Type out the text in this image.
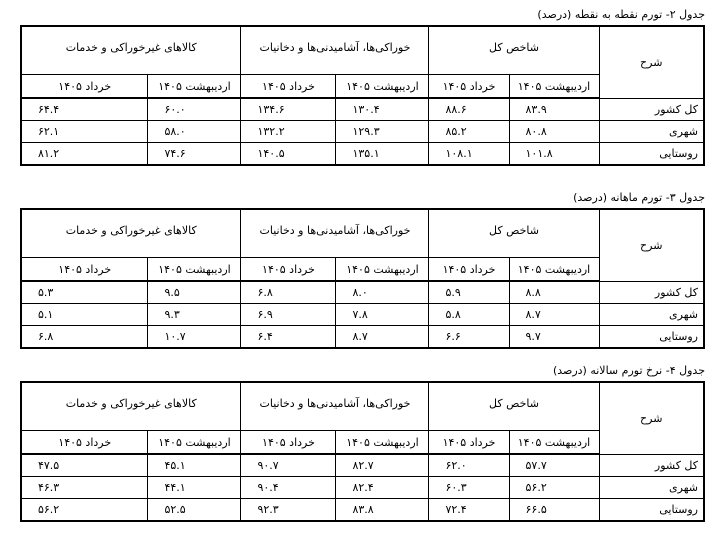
جدول ۲- تورم نقطه به نقطه (درصد)
شرح	شاخص کل		خوراکی‌ها، آشامیدنی‌ها و دخانیات		کالاهای غیرخوراکی و خدمات	
	اردیبهشت ۱۴۰۵	خرداد ۱۴۰۵	اردیبهشت ۱۴۰۵	خرداد ۱۴۰۵	اردیبهشت ۱۴۰۵	خرداد ۱۴۰۵
کل کشور	۸۳.۹	۸۸.۶	۱۳۰.۴	۱۳۴.۶	۶۰.۰	۶۴.۴
شهری	۸۰.۸	۸۵.۲	۱۲۹.۳	۱۳۲.۲	۵۸.۰	۶۲.۱
روستایی	۱۰۱.۸	۱۰۸.۱	۱۳۵.۱	۱۴۰.۵	۷۴.۶	۸۱.۲
جدول ۳- تورم ماهانه (درصد)
شرح	شاخص کل		خوراکی‌ها، آشامیدنی‌ها و دخانیات		کالاهای غیرخوراکی و خدمات	
	اردیبهشت ۱۴۰۵	خرداد ۱۴۰۵	اردیبهشت ۱۴۰۵	خرداد ۱۴۰۵	اردیبهشت ۱۴۰۵	خرداد ۱۴۰۵
کل کشور	۸.۸	۵.۹	۸.۰	۶.۸	۹.۵	۵.۳
شهری	۸.۷	۵.۸	۷.۸	۶.۹	۹.۳	۵.۱
روستایی	۹.۷	۶.۶	۸.۷	۶.۴	۱۰.۷	۶.۸
جدول ۴- نرخ تورم سالانه (درصد)
شرح	شاخص کل		خوراکی‌ها، آشامیدنی‌ها و دخانیات		کالاهای غیرخوراکی و خدمات	
	اردیبهشت ۱۴۰۵	خرداد ۱۴۰۵	اردیبهشت ۱۴۰۵	خرداد ۱۴۰۵	اردیبهشت ۱۴۰۵	خرداد ۱۴۰۵
کل کشور	۵۷.۷	۶۲.۰	۸۲.۷	۹۰.۷	۴۵.۱	۴۷.۵
شهری	۵۶.۲	۶۰.۳	۸۲.۴	۹۰.۴	۴۴.۱	۴۶.۳
روستایی	۶۶.۵	۷۲.۴	۸۳.۸	۹۲.۳	۵۲.۵	۵۶.۲
